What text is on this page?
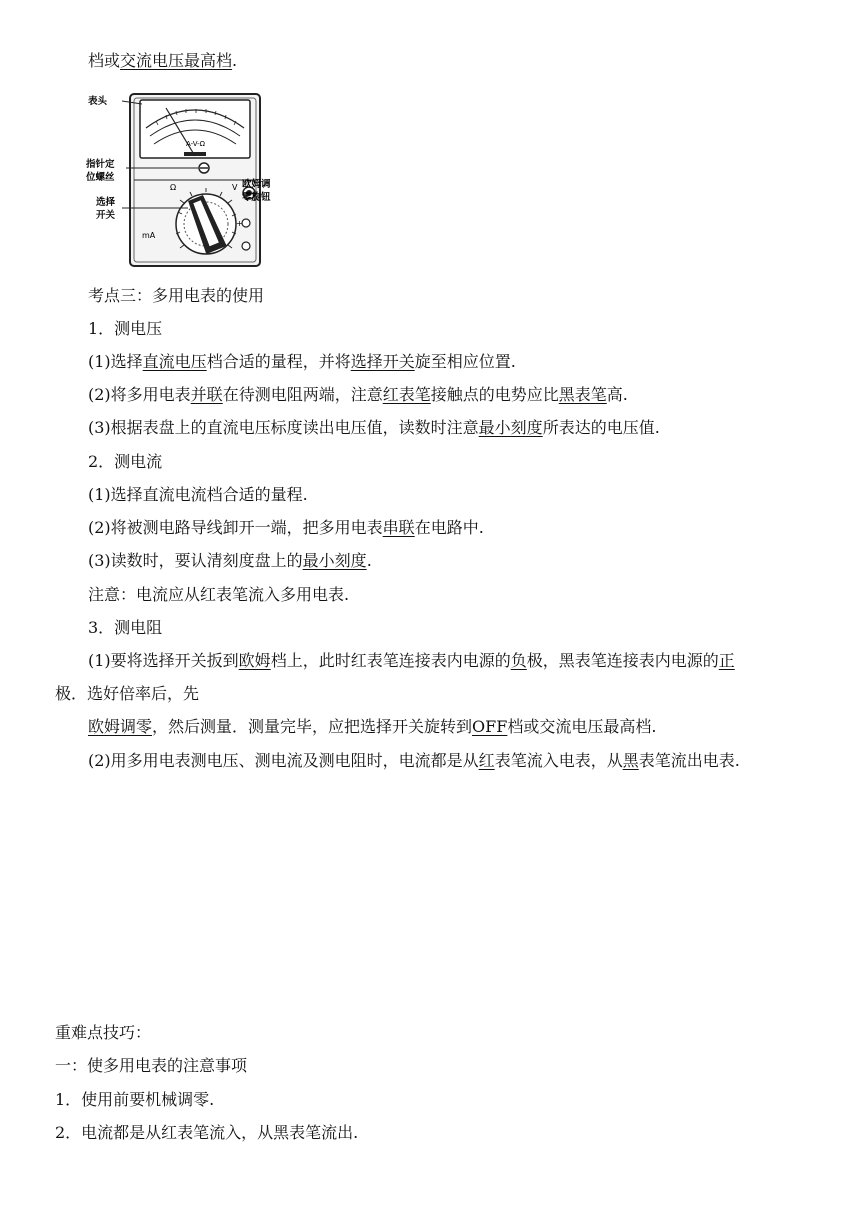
档或交流电压最高档.
表头
指针定
位螺丝
选择
开关
欧姆调
零旋钮
A-V-Ω
Ω
mA
V
+
考点三：多用电表的使用
1．测电压
(1)选择直流电压档合适的量程，并将选择开关旋至相应位置.
(2)将多用电表并联在待测电阻两端，注意红表笔接触点的电势应比黑表笔高.
(3)根据表盘上的直流电压标度读出电压值，读数时注意最小刻度所表达的电压值.
2．测电流
(1)选择直流电流档合适的量程.
(2)将被测电路导线卸开一端，把多用电表串联在电路中.
(3)读数时，要认清刻度盘上的最小刻度.
注意：电流应从红表笔流入多用电表.
3．测电阻
(1)要将选择开关扳到欧姆档上，此时红表笔连接表内电源的负极，黑表笔连接表内电源的正
极．选好倍率后，先
欧姆调零，然后测量．测量完毕，应把选择开关旋转到OFF档或交流电压最高档.
(2)用多用电表测电压、测电流及测电阻时，电流都是从红表笔流入电表，从黑表笔流出电表.
重难点技巧：
一：使多用电表的注意事项
1．使用前要机械调零.
2．电流都是从红表笔流入，从黑表笔流出.
